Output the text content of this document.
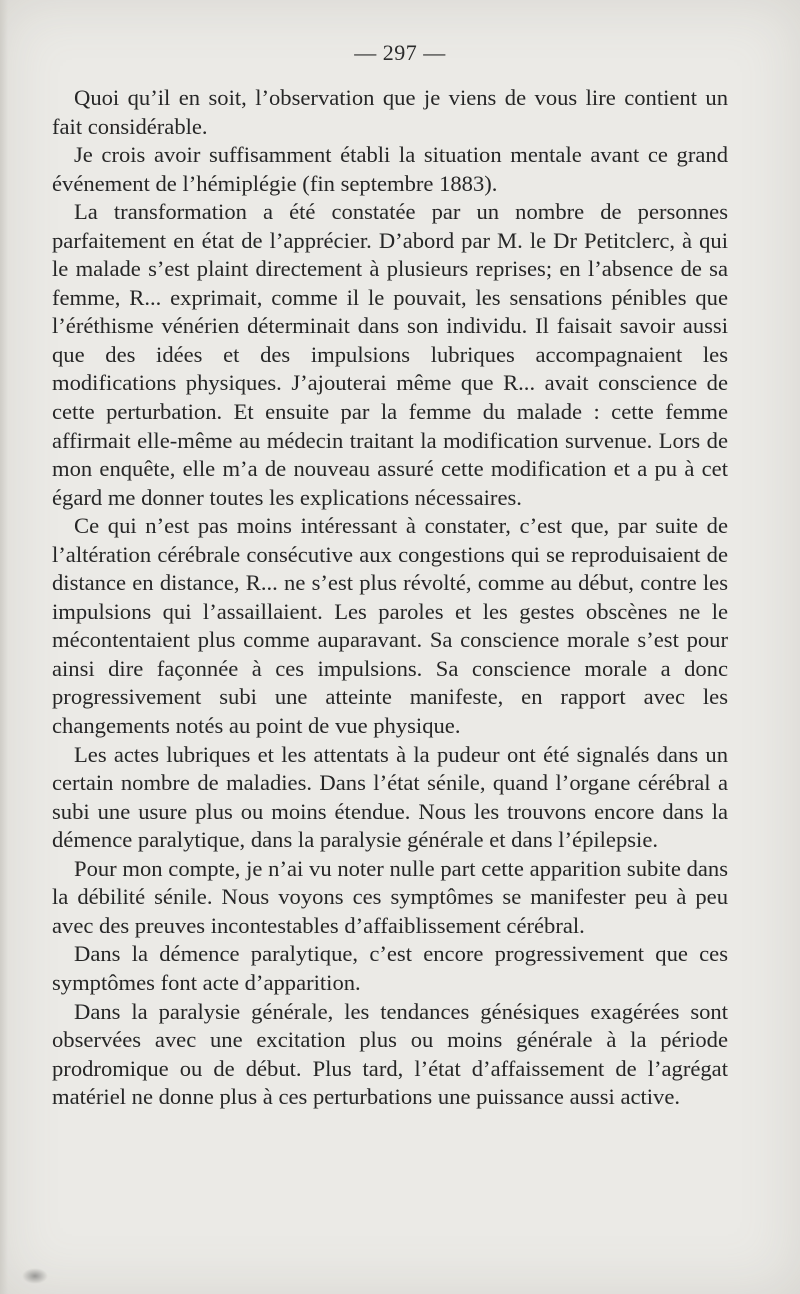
— 297 —

Quoi qu’il en soit, l’observation que je viens de vous lire contient un fait considérable.

Je crois avoir suffisamment établi la situation mentale avant ce grand événement de l’hémiplégie (fin septembre 1883).

La transformation a été constatée par un nombre de personnes parfaitement en état de l’apprécier. D’abord par M. le Dr Petitclerc, à qui le malade s’est plaint directement à plusieurs reprises; en l’absence de sa femme, R... exprimait, comme il le pouvait, les sensations pénibles que l’éréthisme vénérien déterminait dans son individu. Il faisait savoir aussi que des idées et des impulsions lubriques accompagnaient les modifications physiques. J’ajouterai même que R... avait conscience de cette perturbation. Et ensuite par la femme du malade : cette femme affirmait elle-même au médecin traitant la modification survenue. Lors de mon enquête, elle m’a de nouveau assuré cette modification et a pu à cet égard me donner toutes les explications nécessaires.

Ce qui n’est pas moins intéressant à constater, c’est que, par suite de l’altération cérébrale consécutive aux congestions qui se reproduisaient de distance en distance, R... ne s’est plus révolté, comme au début, contre les impulsions qui l’assaillaient. Les paroles et les gestes obscènes ne le mécontentaient plus comme auparavant. Sa conscience morale s’est pour ainsi dire façonnée à ces impulsions. Sa conscience morale a donc progressivement subi une atteinte manifeste, en rapport avec les changements notés au point de vue physique.

Les actes lubriques et les attentats à la pudeur ont été signalés dans un certain nombre de maladies. Dans l’état sénile, quand l’organe cérébral a subi une usure plus ou moins étendue. Nous les trouvons encore dans la démence paralytique, dans la paralysie générale et dans l’épilepsie.

Pour mon compte, je n’ai vu noter nulle part cette apparition subite dans la débilité sénile. Nous voyons ces symptômes se manifester peu à peu avec des preuves incontestables d’affaiblissement cérébral.

Dans la démence paralytique, c’est encore progressivement que ces symptômes font acte d’apparition.

Dans la paralysie générale, les tendances génésiques exagérées sont observées avec une excitation plus ou moins générale à la période prodromique ou de début. Plus tard, l’état d’affaissement de l’agrégat matériel ne donne plus à ces perturbations une puissance aussi active.
